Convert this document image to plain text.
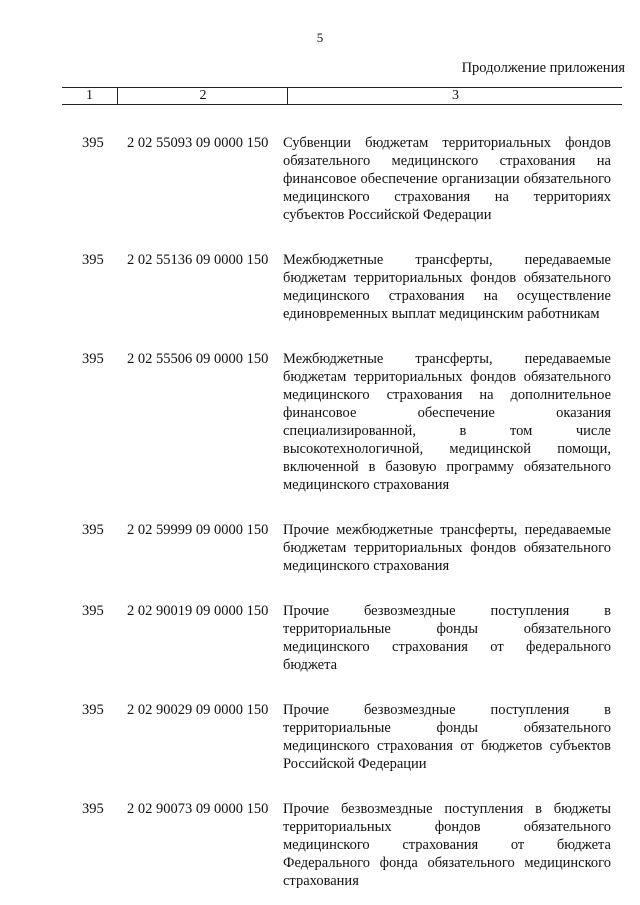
5
Продолжение приложения
1	2	3
395	2 02 55093 09 0000 150	Субвенции бюджетам территориальных фондов обязательного медицинского страхования на финансовое обеспечение организации обязательного медицинского страхования на территориях субъектов Российской Федерации
395	2 02 55136 09 0000 150	Межбюджетные трансферты, передаваемые бюджетам территориальных фондов обязательного медицинского страхования на осуществление единовременных выплат медицинским работникам
395	2 02 55506 09 0000 150	Межбюджетные трансферты, передаваемые бюджетам территориальных фондов обязательного медицинского страхования на дополнительное финансовое обеспечение оказания специализированной, в том числе высокотехнологичной, медицинской помощи, включенной в базовую программу обязательного медицинского страхования
395	2 02 59999 09 0000 150	Прочие межбюджетные трансферты, передаваемые бюджетам территориальных фондов обязательного медицинского страхования
395	2 02 90019 09 0000 150	Прочие безвозмездные поступления в территориальные фонды обязательного медицинского страхования от федерального бюджета
395	2 02 90029 09 0000 150	Прочие безвозмездные поступления в территориальные фонды обязательного медицинского страхования от бюджетов субъектов Российской Федерации
395	2 02 90073 09 0000 150	Прочие безвозмездные поступления в бюджеты территориальных фондов обязательного медицинского страхования от бюджета Федерального фонда обязательного медицинского страхования
